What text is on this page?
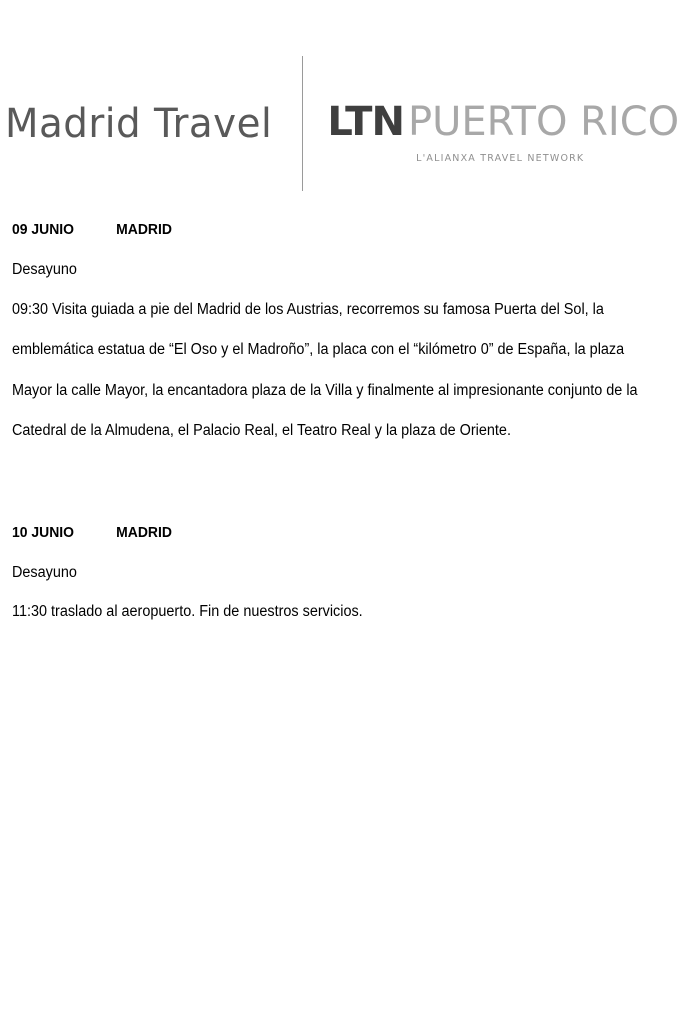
Madrid Travel LTN PUERTO RICO
L'ALIANXA TRAVEL NETWORK
09 JUNIO	MADRID
Desayuno
09:30 Visita guiada a pie del Madrid de los Austrias, recorremos su famosa Puerta del Sol, la
emblemática estatua de “El Oso y el Madroño”, la placa con el “kilómetro 0” de España, la plaza
Mayor la calle Mayor, la encantadora plaza de la Villa y finalmente al impresionante conjunto de la
Catedral de la Almudena, el Palacio Real, el Teatro Real y la plaza de Oriente.
10 JUNIO	MADRID
Desayuno
11:30 traslado al aeropuerto. Fin de nuestros servicios.
